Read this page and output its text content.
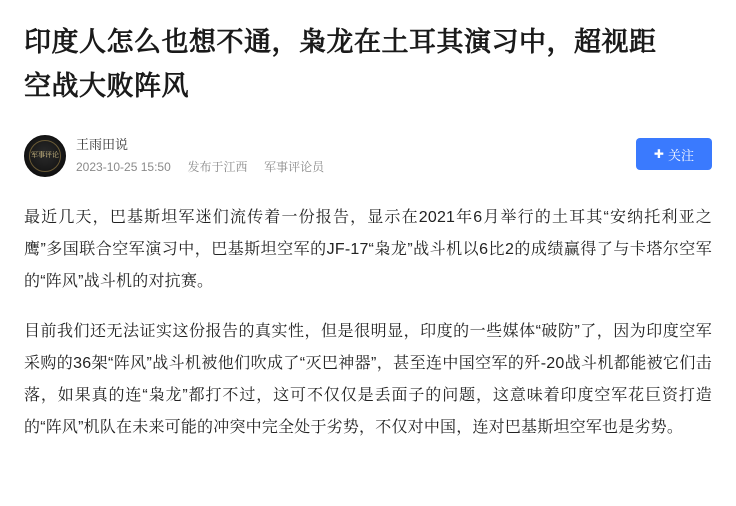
印度人怎么也想不通，枭龙在土耳其演习中，超视距空战大败阵风
军事评论
王雨田说
2023-10-25 15:50 发布于江西 军事评论员
✚ 关注

最近几天，巴基斯坦军迷们流传着一份报告，显示在2021年6月举行的土耳其“安纳托利亚之鹰”多国联合空军演习中，巴基斯坦空军的JF-17“枭龙”战斗机以6比2的成绩赢得了与卡塔尔空军的“阵风”战斗机的对抗赛。

目前我们还无法证实这份报告的真实性，但是很明显，印度的一些媒体“破防”了，因为印度空军采购的36架“阵风”战斗机被他们吹成了“灭巴神器”，甚至连中国空军的歼-20战斗机都能被它们击落，如果真的连“枭龙”都打不过，这可不仅仅是丢面子的问题，这意味着印度空军花巨资打造的“阵风”机队在未来可能的冲突中完全处于劣势，不仅对中国，连对巴基斯坦空军也是劣势。
